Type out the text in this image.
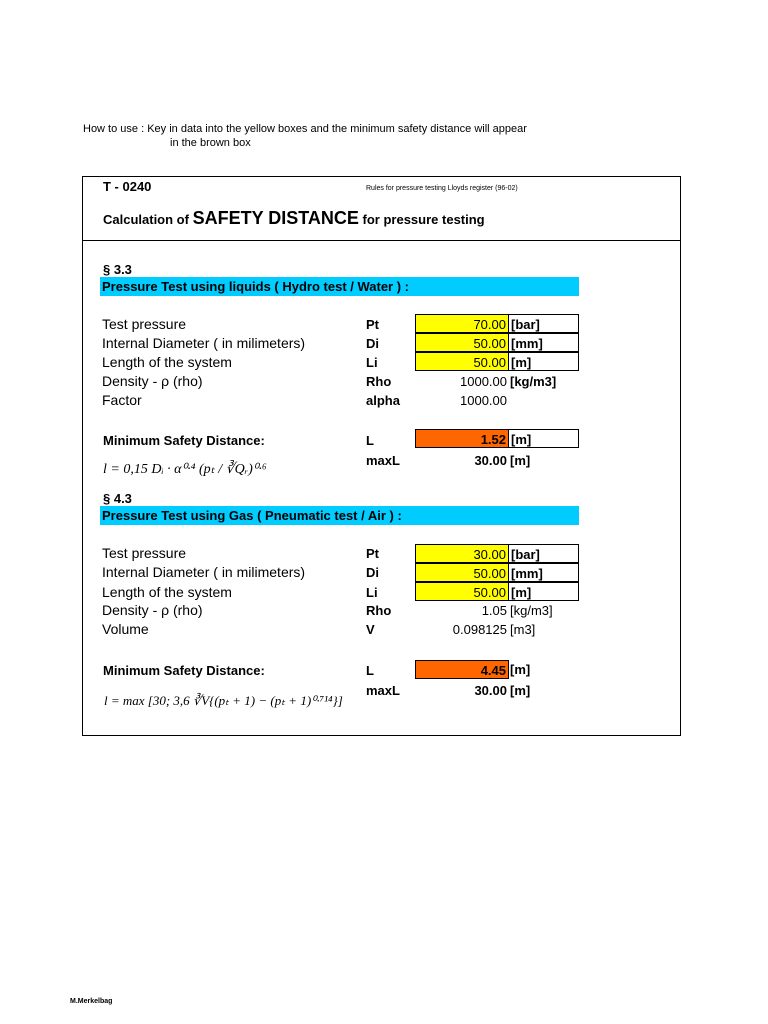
How to use : Key in data into the yellow boxes and the minimum safety distance will appear
in the brown box
T - 0240	Rules for pressure testing Lloyds register (96-02)
Calculation of SAFETY DISTANCE for pressure testing
§ 3.3
Pressure Test using liquids ( Hydro test / Water ) :
Test pressure	Pt	70.00 [bar]
Internal Diameter ( in milimeters)	Di	50.00 [mm]
Length of the system	Li	50.00 [m]
Density - ρ (rho)	Rho	1000.00 [kg/m3]
Factor	alpha	1000.00
Minimum Safety Distance:	L	1.52 [m]
maxL	30.00 [m]
l = 0,15 Dᵢ · α⁰·⁴ (pₜ / ∛Qᵣ)⁰·⁶
§ 4.3
Pressure Test using Gas ( Pneumatic test / Air ) :
Test pressure	Pt	30.00 [bar]
Internal Diameter ( in milimeters)	Di	50.00 [mm]
Length of the system	Li	50.00 [m]
Density - ρ (rho)	Rho	1.05 [kg/m3]
Volume	V	0.098125 [m3]
Minimum Safety Distance:	L	4.45 [m]
maxL	30.00 [m]
l = max [30; 3,6 ∛V{(pₜ + 1) − (pₜ + 1)⁰·⁷¹⁴}]
M.Merkelbag
